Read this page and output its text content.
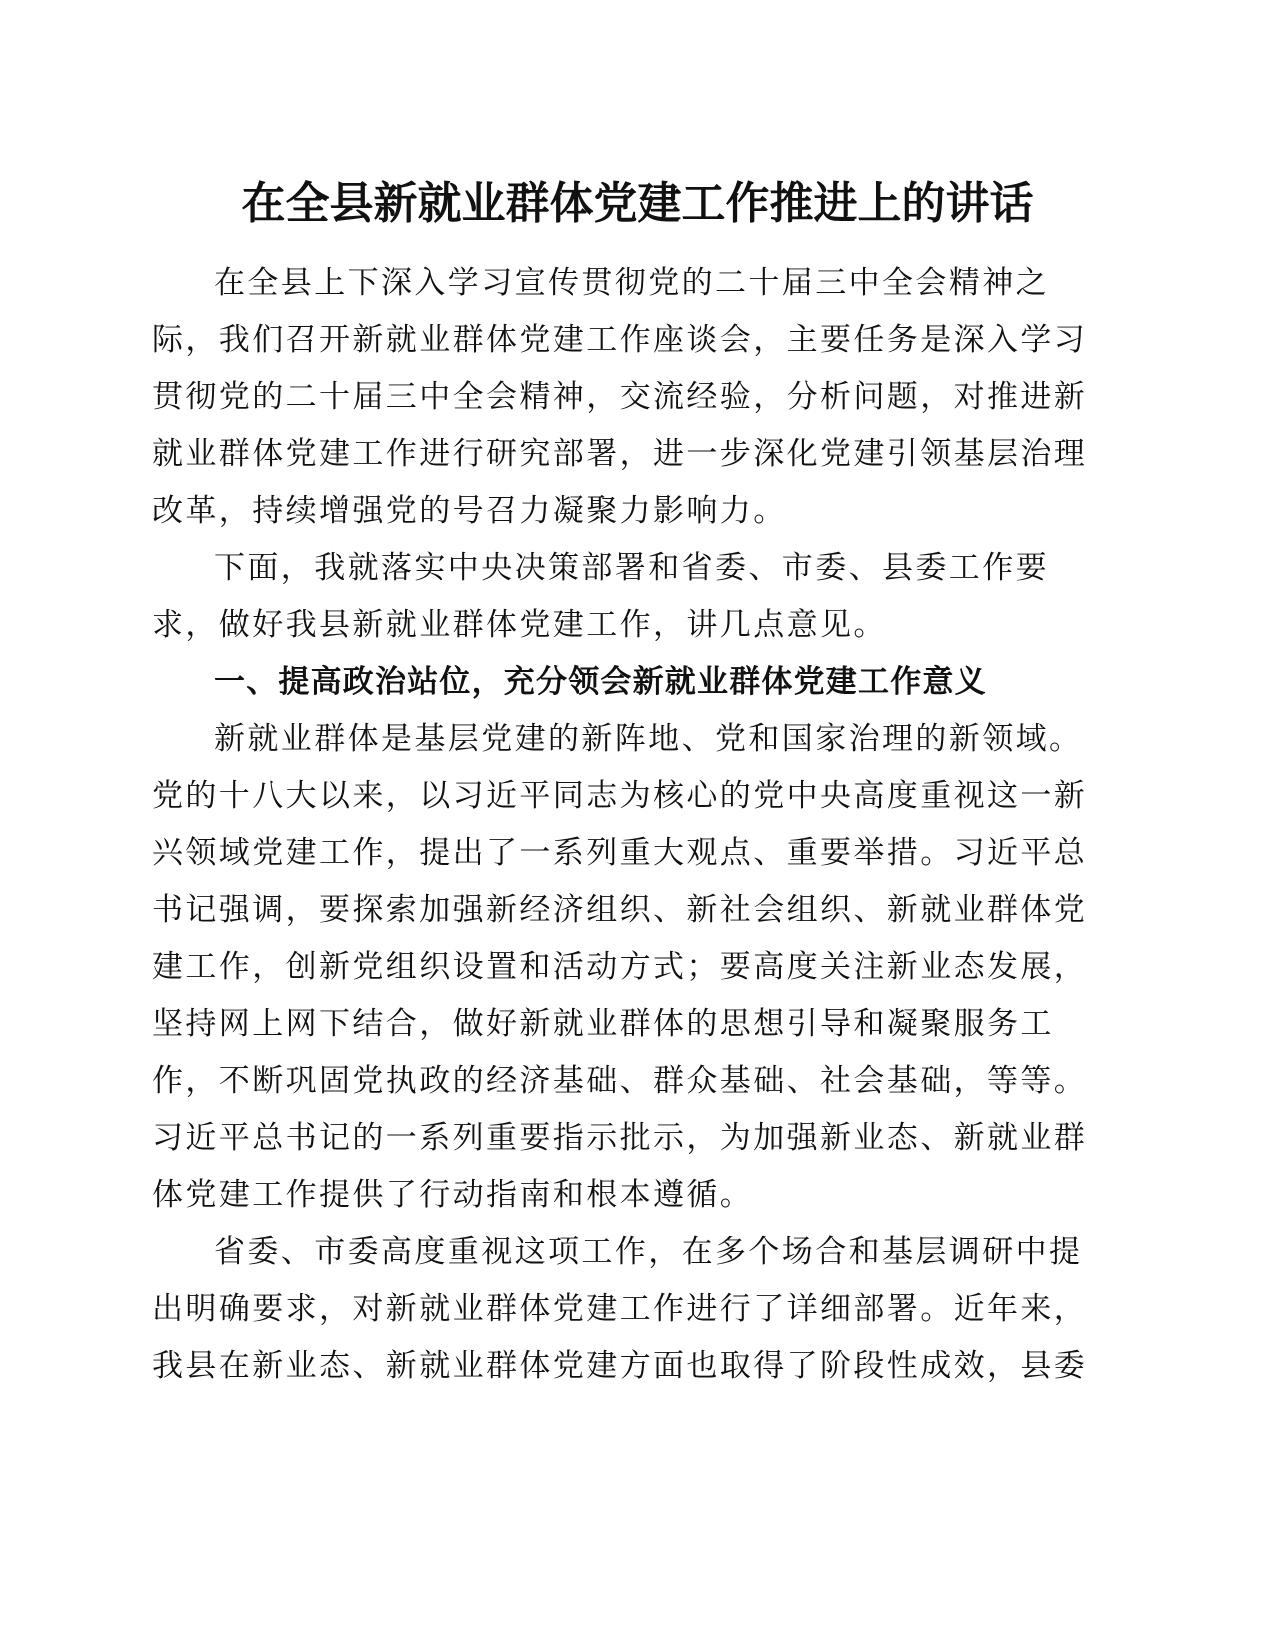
在全县新就业群体党建工作推进上的讲话
在全县上下深入学习宣传贯彻党的二十届三中全会精神之
际，我们召开新就业群体党建工作座谈会，主要任务是深入学习
贯彻党的二十届三中全会精神，交流经验，分析问题，对推进新
就业群体党建工作进行研究部署，进一步深化党建引领基层治理
改革，持续增强党的号召力凝聚力影响力。
下面，我就落实中央决策部署和省委、市委、县委工作要
求，做好我县新就业群体党建工作，讲几点意见。
一、提高政治站位，充分领会新就业群体党建工作意义
新就业群体是基层党建的新阵地、党和国家治理的新领域。
党的十八大以来，以习近平同志为核心的党中央高度重视这一新
兴领域党建工作，提出了一系列重大观点、重要举措。习近平总
书记强调，要探索加强新经济组织、新社会组织、新就业群体党
建工作，创新党组织设置和活动方式；要高度关注新业态发展，
坚持网上网下结合，做好新就业群体的思想引导和凝聚服务工
作，不断巩固党执政的经济基础、群众基础、社会基础，等等。
习近平总书记的一系列重要指示批示，为加强新业态、新就业群
体党建工作提供了行动指南和根本遵循。
省委、市委高度重视这项工作，在多个场合和基层调研中提
出明确要求，对新就业群体党建工作进行了详细部署。近年来，
我县在新业态、新就业群体党建方面也取得了阶段性成效，县委
